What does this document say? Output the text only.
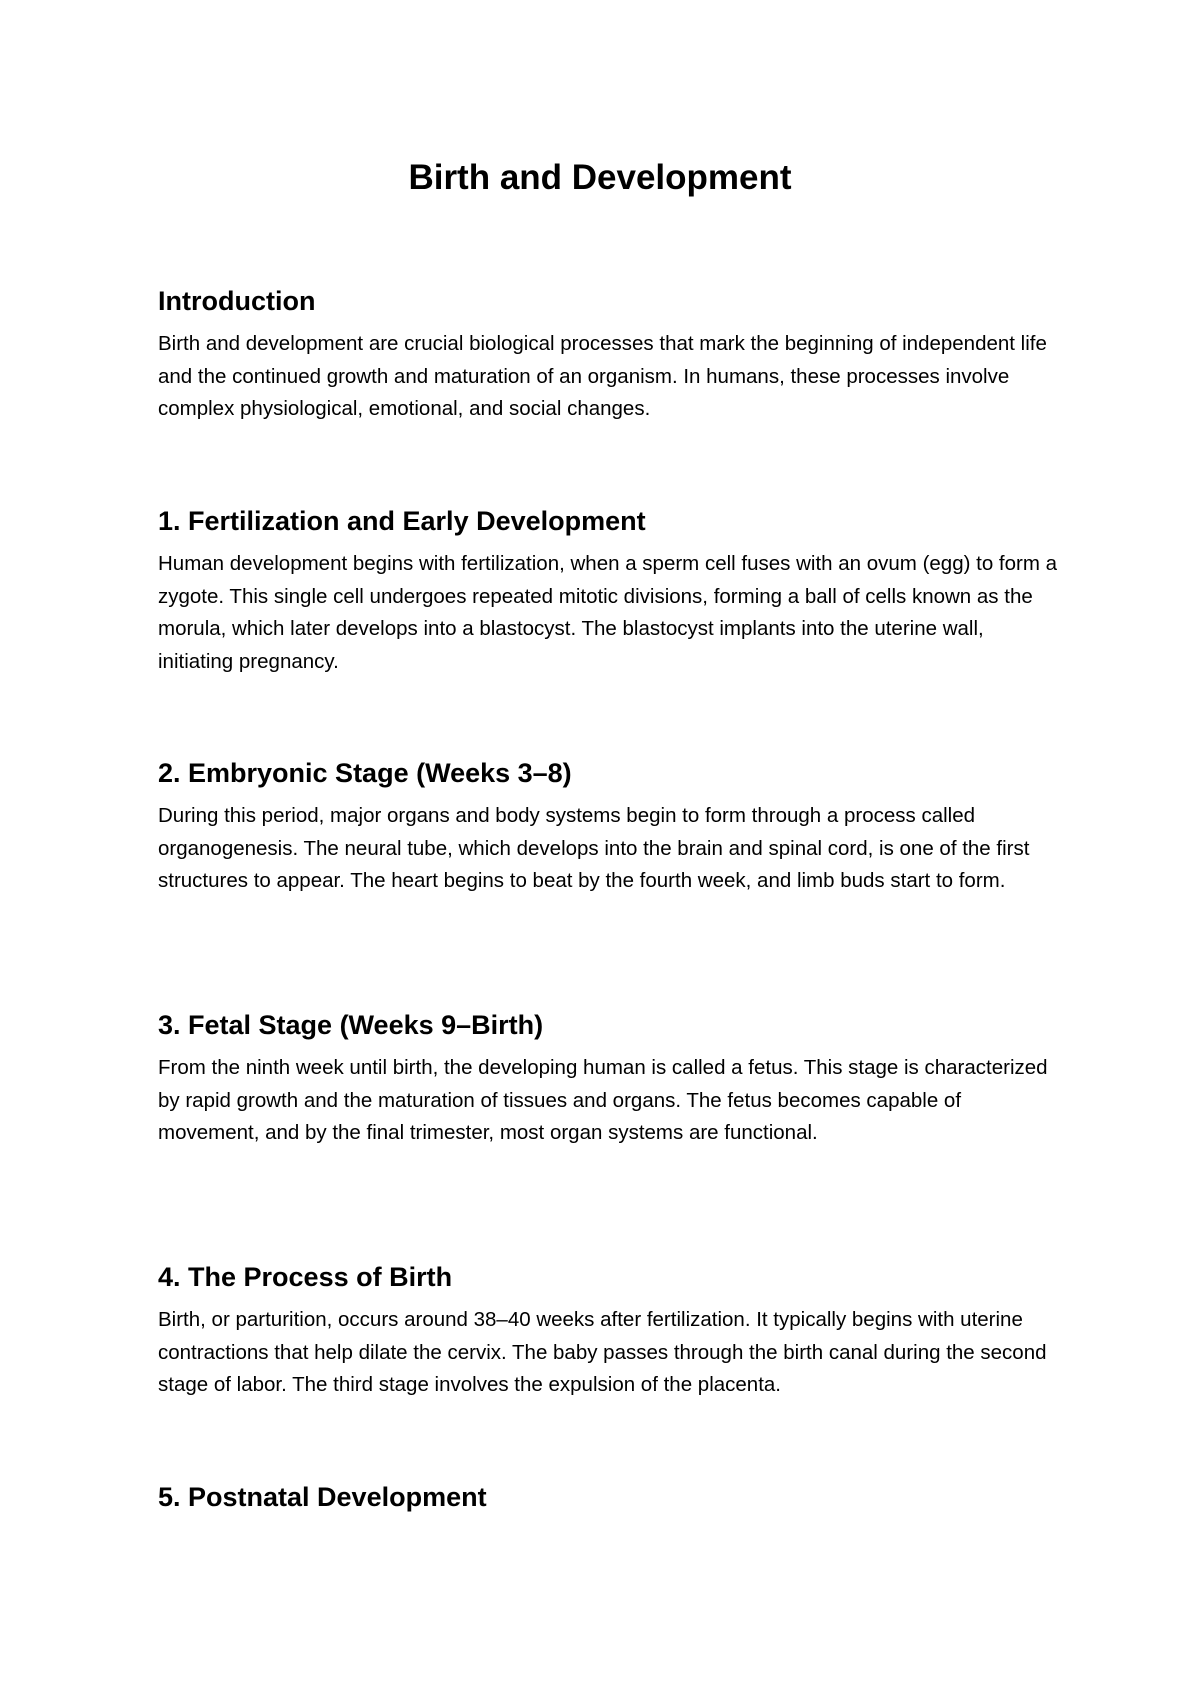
Birth and Development
Introduction

Birth and development are crucial biological processes that mark the beginning of independent life and the continued growth and maturation of an organism. In humans, these processes involve complex physiological, emotional, and social changes.

1. Fertilization and Early Development

Human development begins with fertilization, when a sperm cell fuses with an ovum (egg) to form a zygote. This single cell undergoes repeated mitotic divisions, forming a ball of cells known as the morula, which later develops into a blastocyst. The blastocyst implants into the uterine wall, initiating pregnancy.

2. Embryonic Stage (Weeks 3–8)

During this period, major organs and body systems begin to form through a process called organogenesis. The neural tube, which develops into the brain and spinal cord, is one of the first structures to appear. The heart begins to beat by the fourth week, and limb buds start to form.

3. Fetal Stage (Weeks 9–Birth)

From the ninth week until birth, the developing human is called a fetus. This stage is characterized by rapid growth and the maturation of tissues and organs. The fetus becomes capable of movement, and by the final trimester, most organ systems are functional.

4. The Process of Birth

Birth, or parturition, occurs around 38–40 weeks after fertilization. It typically begins with uterine contractions that help dilate the cervix. The baby passes through the birth canal during the second stage of labor. The third stage involves the expulsion of the placenta.

5. Postnatal Development
